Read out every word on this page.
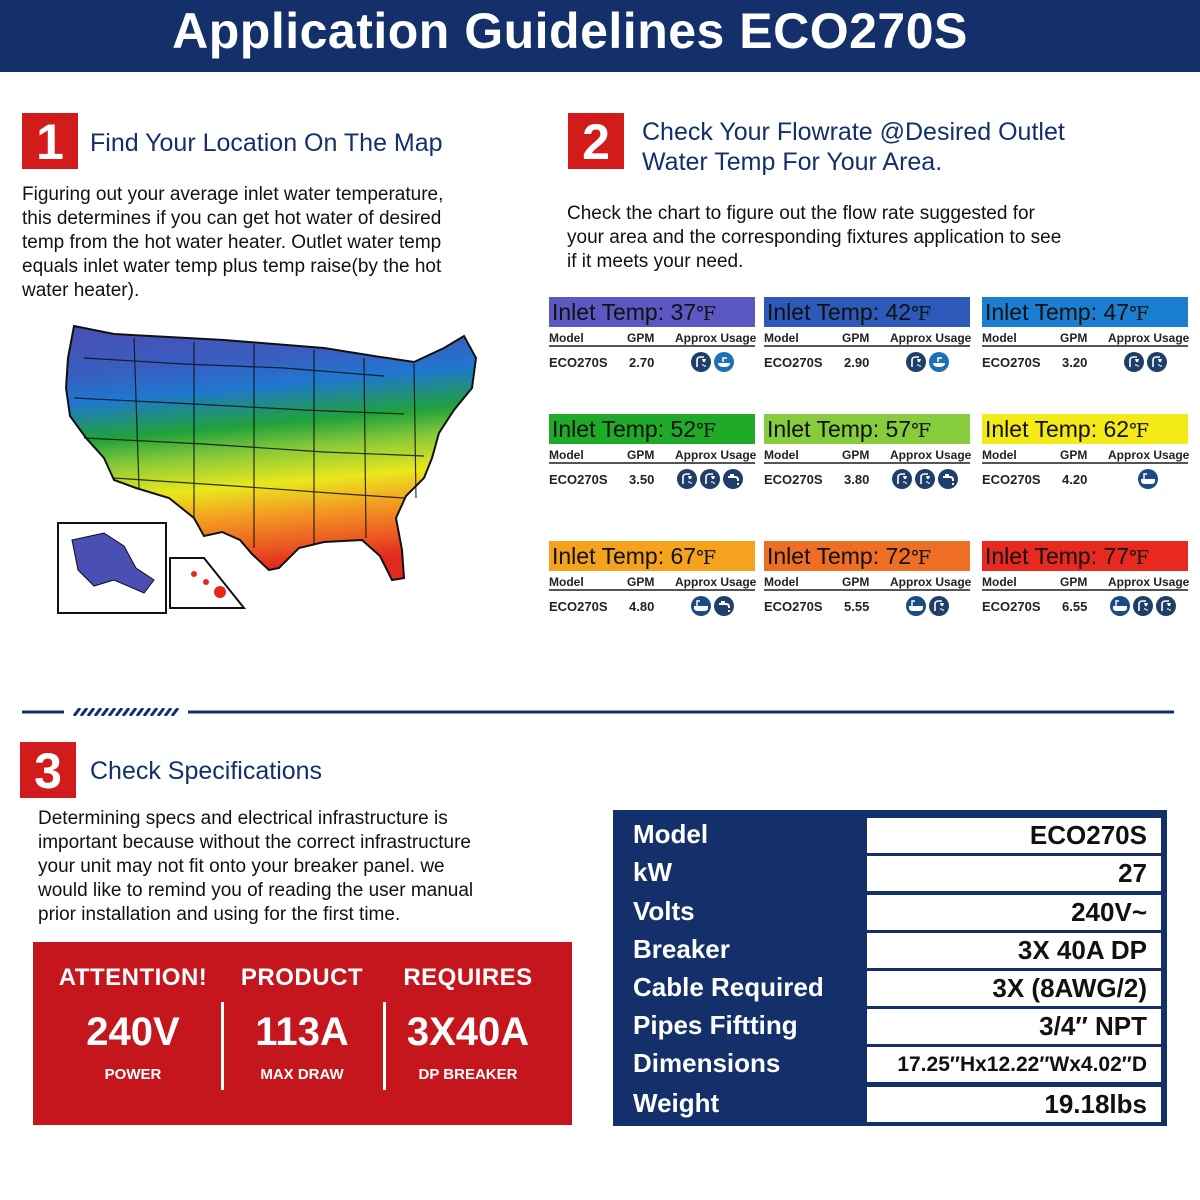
Application Guidelines ECO270S
1	Find Your Location On The Map
Figuring out your average inlet water temperature,
this determines if you can get hot water of desired
temp from the hot water heater. Outlet water temp
equals inlet water temp plus temp raise(by the hot
water heater).
2	Check Your Flowrate @Desired Outlet
Water Temp For Your Area.
Check the chart to figure out the flow rate suggested for
your area and the corresponding fixtures application to see
if it meets your need.
Inlet Temp: 37℉
Model	GPM Approx Usage
ECO270S 2.70
Inlet Temp: 42℉
Model	GPM Approx Usage
ECO270S 2.90
Inlet Temp: 47℉
Model	GPM Approx Usage
ECO270S 3.20
Inlet Temp: 52℉
Model	GPM Approx Usage
ECO270S 3.50
Inlet Temp: 57℉
Model	GPM Approx Usage
ECO270S 3.80
Inlet Temp: 62℉
Model	GPM Approx Usage
ECO270S 4.20
Inlet Temp: 67℉
Model	GPM Approx Usage
ECO270S 4.80
Inlet Temp: 72℉
Model	GPM Approx Usage
ECO270S 5.55
Inlet Temp: 77℉
Model	GPM Approx Usage
ECO270S 6.55
3	Check Specifications
Determining specs and electrical infrastructure is
important because without the correct infrastructure
your unit may not fit onto your breaker panel. we
would like to remind you of reading the user manual
prior installation and using for the first time.
ATTENTION!
240V
POWER
PRODUCT
113A
MAX DRAW
REQUIRES
3X40A
DP BREAKER
Model	ECO270S
kW	27
Volts	240V~
Breaker	3X 40A DP
Cable Required	3X (8AWG/2)
Pipes Fiftting	3/4″ NPT
Dimensions	17.25″Hx12.22″Wx4.02″D
Weight	19.18lbs
